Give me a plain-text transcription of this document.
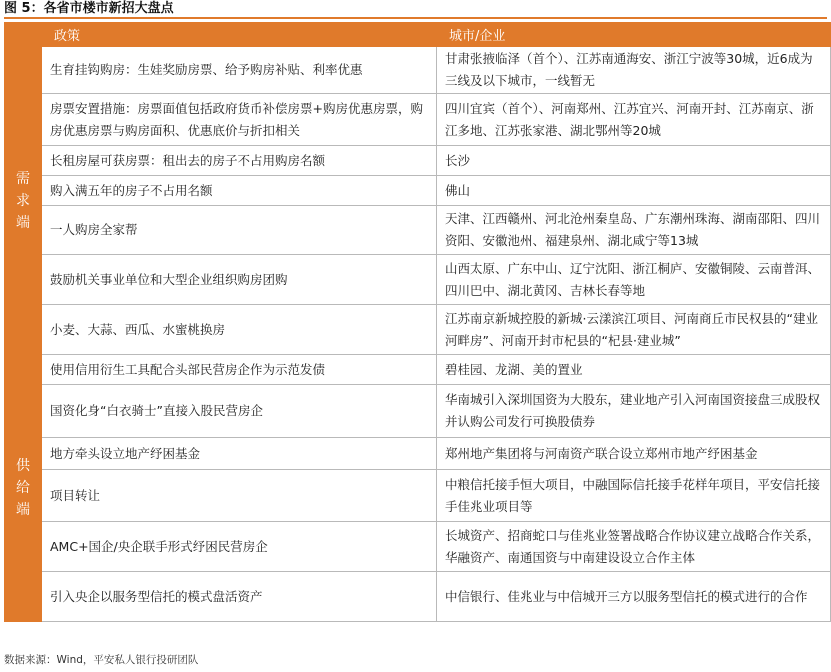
图 5：各省市楼市新招大盘点
	政策	城市/企业
需求端	生育挂钩购房：生娃奖励房票、给予购房补贴、利率优惠	甘肃张掖临泽（首个）、江苏南通海安、浙江宁波等30城，近6成为三线及以下城市，一线暂无
	房票安置措施：房票面值包括政府货币补偿房票+购房优惠房票，购房优惠房票与购房面积、优惠底价与折扣相关	四川宜宾（首个）、河南郑州、江苏宜兴、河南开封、江苏南京、浙江多地、江苏张家港、湖北鄂州等20城
	长租房屋可获房票：租出去的房子不占用购房名额	长沙
	购入满五年的房子不占用名额	佛山
	一人购房全家帮	天津、江西赣州、河北沧州秦皇岛、广东潮州珠海、湖南邵阳、四川资阳、安徽池州、福建泉州、湖北咸宁等13城
	鼓励机关事业单位和大型企业组织购房团购	山西太原、广东中山、辽宁沈阳、浙江桐庐、安徽铜陵、云南普洱、四川巴中、湖北黄冈、吉林长春等地
	小麦、大蒜、西瓜、水蜜桃换房	江苏南京新城控股的新城·云漾滨江项目、河南商丘市民权县的“建业河畔房”、河南开封市杞县的“杞县·建业城”
供给端	使用信用衍生工具配合头部民营房企作为示范发债	碧桂园、龙湖、美的置业
	国资化身“白衣骑士”直接入股民营房企	华南城引入深圳国资为大股东，建业地产引入河南国资接盘三成股权并认购公司发行可换股债券
	地方牵头设立地产纾困基金	郑州地产集团将与河南资产联合设立郑州市地产纾困基金
	项目转让	中粮信托接手恒大项目，中融国际信托接手花样年项目，平安信托接手佳兆业项目等
	AMC+国企/央企联手形式纾困民营房企	长城资产、招商蛇口与佳兆业签署战略合作协议建立战略合作关系，华融资产、南通国资与中南建设设立合作主体
	引入央企以服务型信托的模式盘活资产	中信银行、佳兆业与中信城开三方以服务型信托的模式进行的合作
数据来源：Wind，平安私人银行投研团队
